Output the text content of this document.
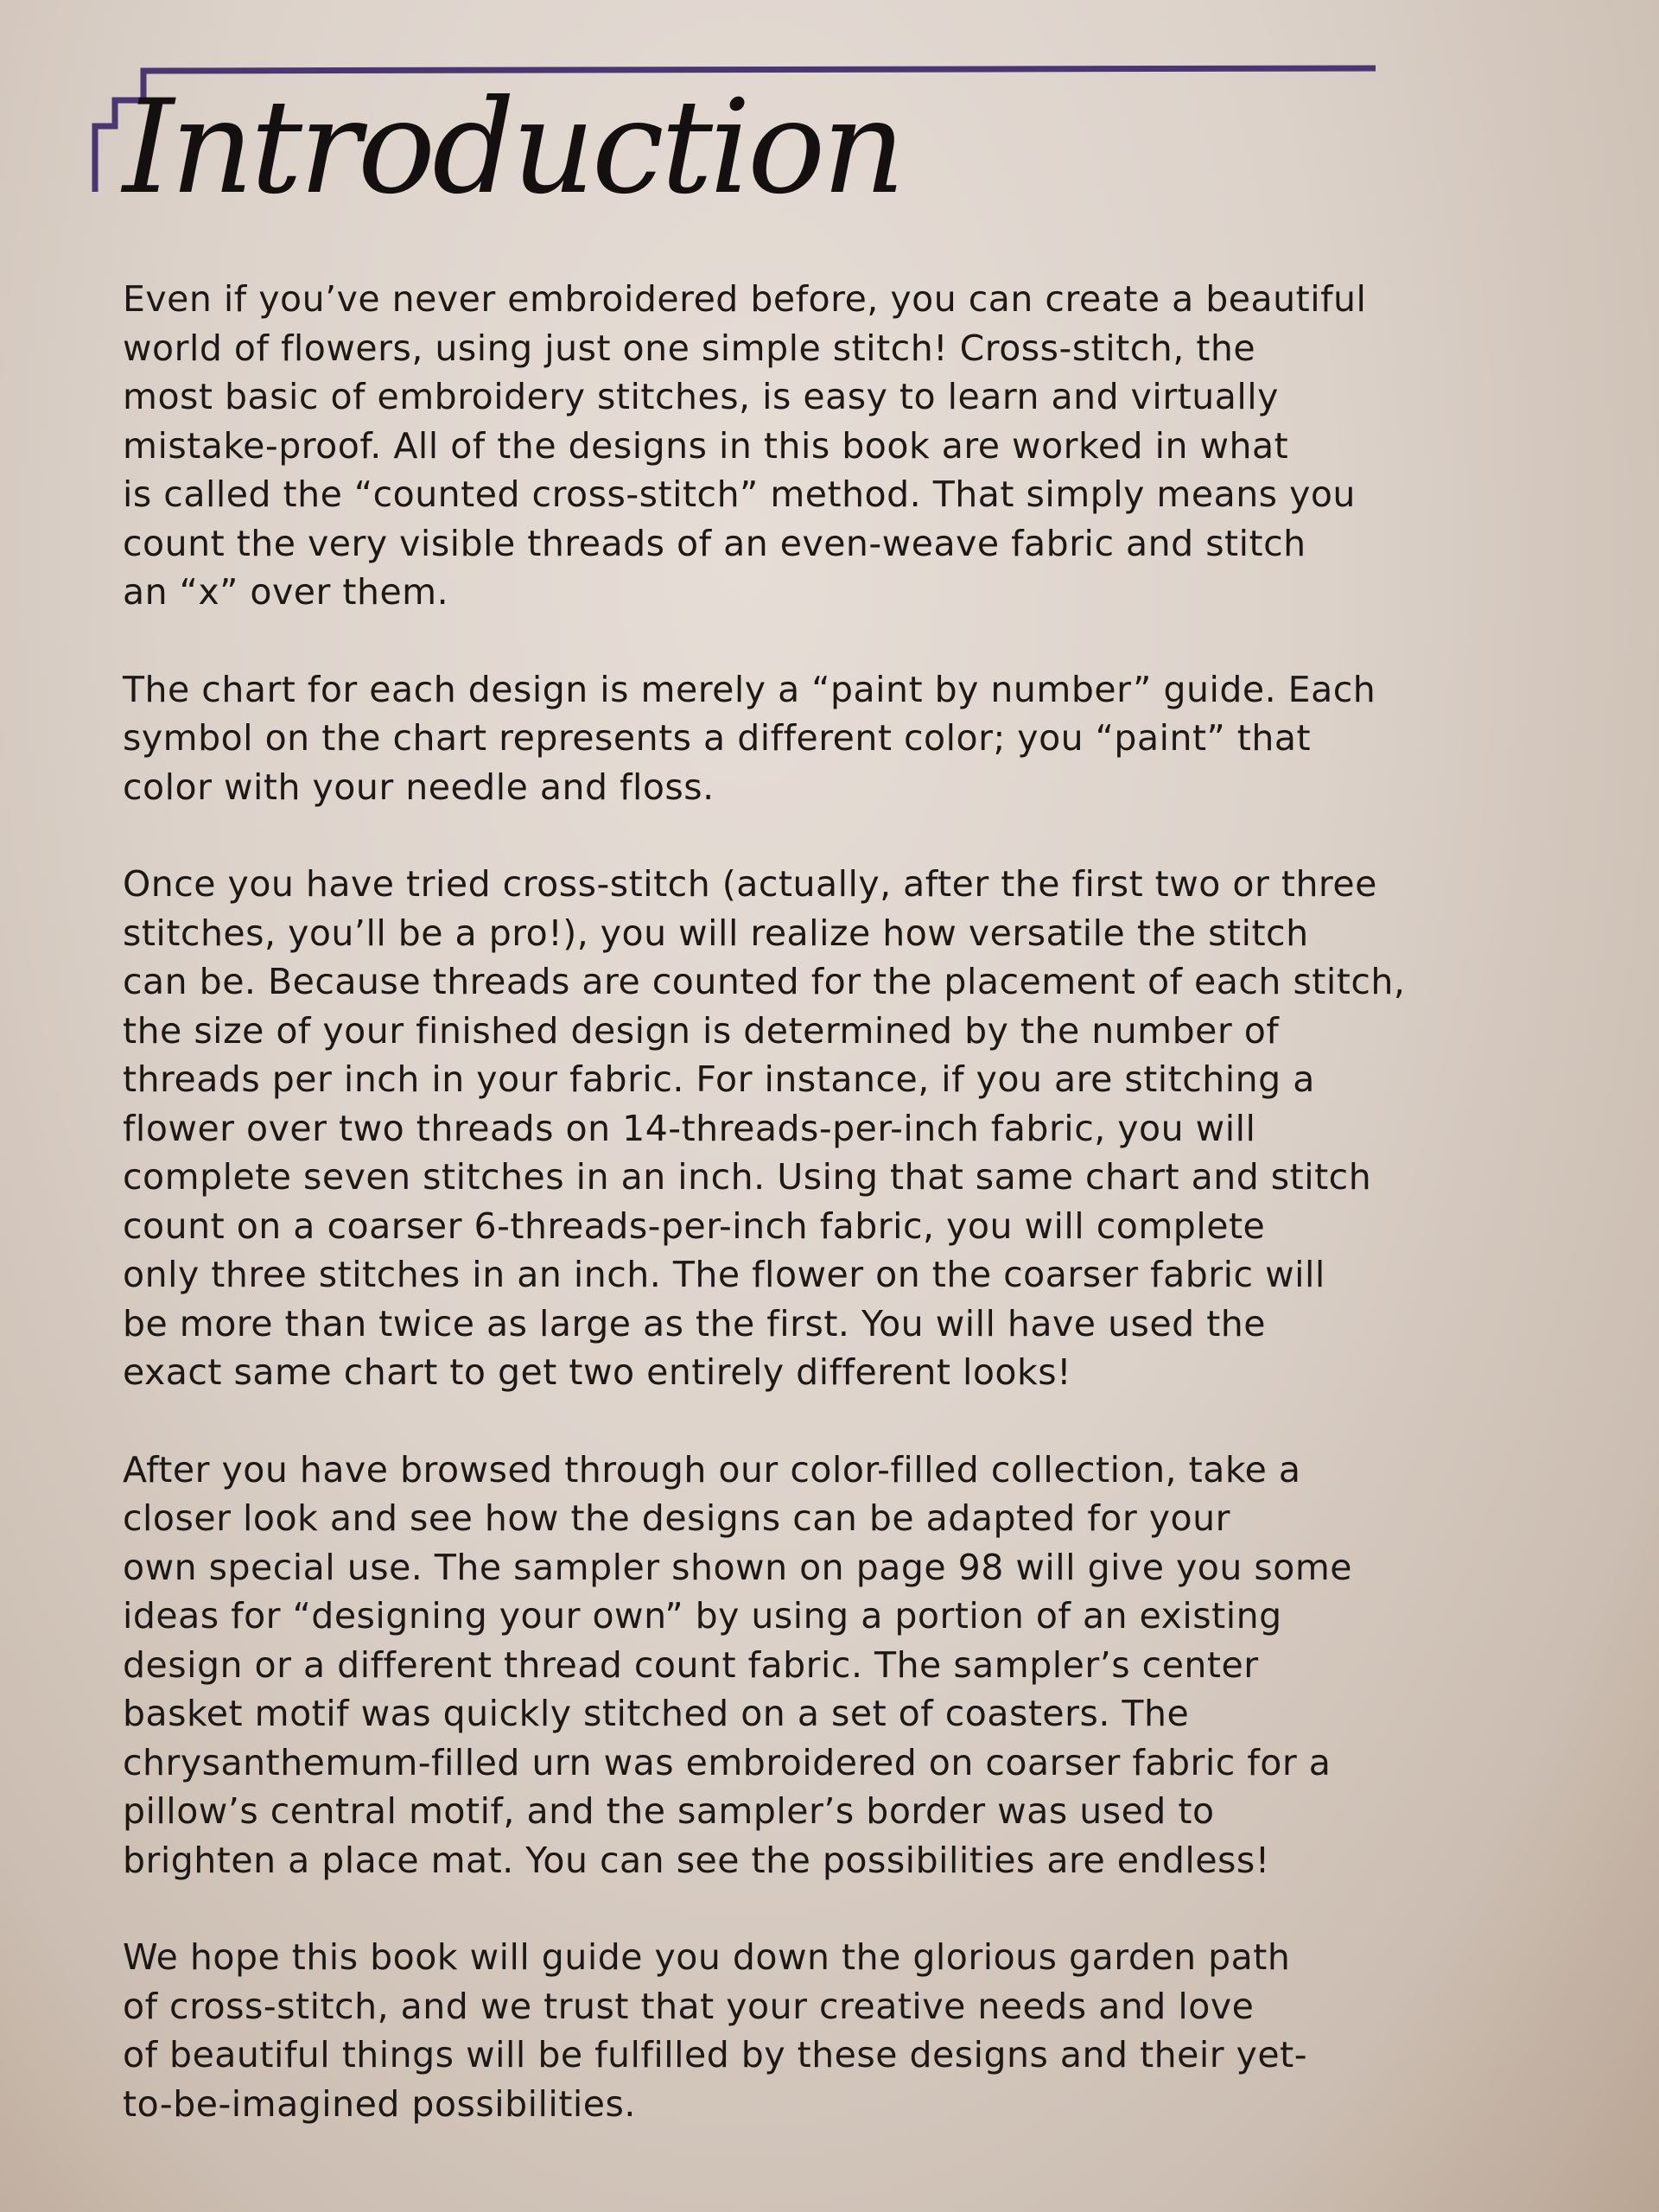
Introduction

Even if you’ve never embroidered before, you can create a beautiful
world of flowers, using just one simple stitch! Cross-stitch, the
most basic of embroidery stitches, is easy to learn and virtually
mistake-proof. All of the designs in this book are worked in what
is called the “counted cross-stitch” method. That simply means you
count the very visible threads of an even-weave fabric and stitch
an “x” over them.

The chart for each design is merely a “paint by number” guide. Each
symbol on the chart represents a different color; you “paint” that
color with your needle and floss.

Once you have tried cross-stitch (actually, after the first two or three
stitches, you’ll be a pro!), you will realize how versatile the stitch
can be. Because threads are counted for the placement of each stitch,
the size of your finished design is determined by the number of
threads per inch in your fabric. For instance, if you are stitching a
flower over two threads on 14-threads-per-inch fabric, you will
complete seven stitches in an inch. Using that same chart and stitch
count on a coarser 6-threads-per-inch fabric, you will complete
only three stitches in an inch. The flower on the coarser fabric will
be more than twice as large as the first. You will have used the
exact same chart to get two entirely different looks!

After you have browsed through our color-filled collection, take a
closer look and see how the designs can be adapted for your
own special use. The sampler shown on page 98 will give you some
ideas for “designing your own” by using a portion of an existing
design or a different thread count fabric. The sampler’s center
basket motif was quickly stitched on a set of coasters. The
chrysanthemum-filled urn was embroidered on coarser fabric for a
pillow’s central motif, and the sampler’s border was used to
brighten a place mat. You can see the possibilities are endless!

We hope this book will guide you down the glorious garden path
of cross-stitch, and we trust that your creative needs and love
of beautiful things will be fulfilled by these designs and their yet-
to-be-imagined possibilities.
